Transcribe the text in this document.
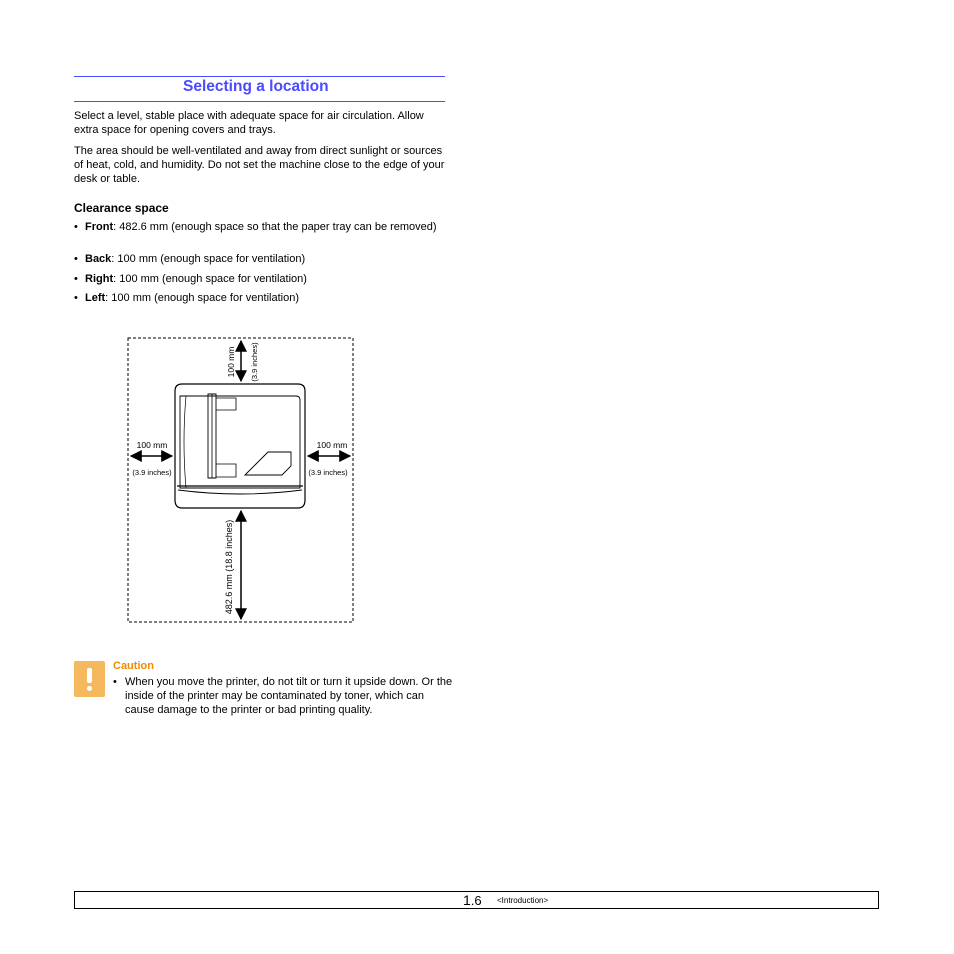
Selecting a location

Select a level, stable place with adequate space for air circulation. Allow extra space for opening covers and trays.

The area should be well-ventilated and away from direct sunlight or sources of heat, cold, and humidity. Do not set the machine close to the edge of your desk or table.

Clearance space
• Front: 482.6 mm (enough space so that the paper tray can be removed)
• Back: 100 mm (enough space for ventilation)
• Right: 100 mm (enough space for ventilation)
• Left: 100 mm (enough space for ventilation)
100 mm (3.9 inches)
100 mm
(3.9 inches)
100 mm
(3.9 inches)
482.6 mm (18.8 inches)

Caution

• When you move the printer, do not tilt or turn it upside down. Or the inside of the printer may be contaminated by toner, which can cause damage to the printer or bad printing quality.
1.6 <Introduction>
